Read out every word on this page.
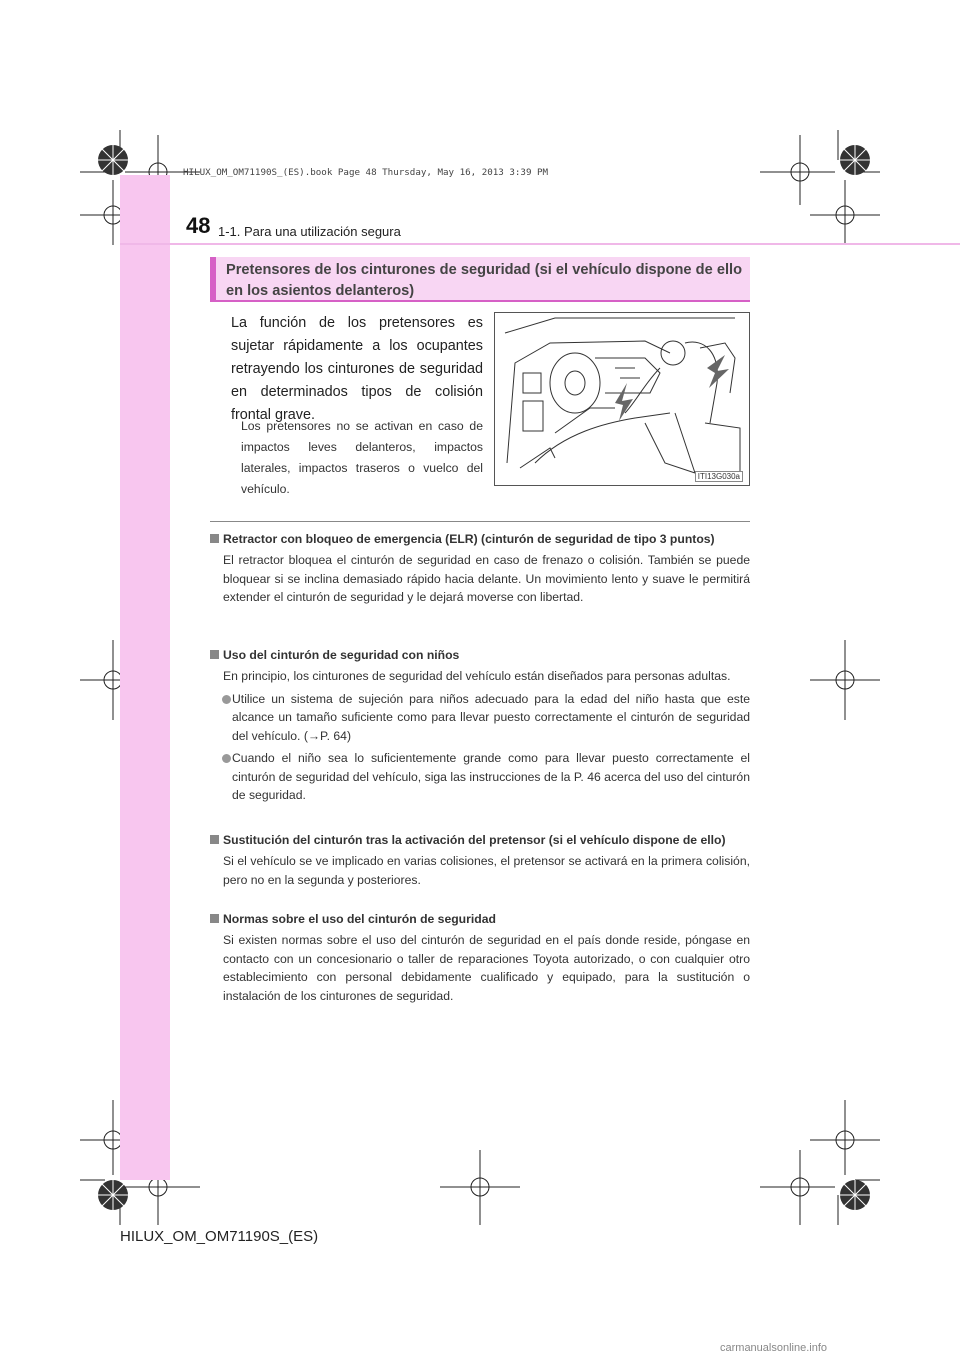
HILUX_OM_OM71190S_(ES).book Page 48 Thursday, May 16, 2013 3:39 PM
48 1-1. Para una utilización segura
Pretensores de los cinturones de seguridad (si el vehículo dispone de ello en los asientos delanteros)
La función de los pretensores es sujetar rápidamente a los ocupantes retrayendo los cinturones de seguridad en determinados tipos de colisión frontal grave.
Los pretensores no se activan en caso de impactos leves delanteros, impactos laterales, impactos traseros o vuelco del vehículo.
ITI13G030a
Retractor con bloqueo de emergencia (ELR) (cinturón de seguridad de tipo 3 puntos)
El retractor bloquea el cinturón de seguridad en caso de frenazo o colisión. También se puede bloquear si se inclina demasiado rápido hacia delante. Un movimiento lento y suave le permitirá extender el cinturón de seguridad y le dejará moverse con libertad.
Uso del cinturón de seguridad con niños
En principio, los cinturones de seguridad del vehículo están diseñados para personas adultas.
Utilice un sistema de sujeción para niños adecuado para la edad del niño hasta que este alcance un tamaño suficiente como para llevar puesto correctamente el cinturón de seguridad del vehículo. (→P. 64)
Cuando el niño sea lo suficientemente grande como para llevar puesto correctamente el cinturón de seguridad del vehículo, siga las instrucciones de la P. 46 acerca del uso del cinturón de seguridad.
Sustitución del cinturón tras la activación del pretensor (si el vehículo dispone de ello)
Si el vehículo se ve implicado en varias colisiones, el pretensor se activará en la primera colisión, pero no en la segunda y posteriores.
Normas sobre el uso del cinturón de seguridad
Si existen normas sobre el uso del cinturón de seguridad en el país donde reside, póngase en contacto con un concesionario o taller de reparaciones Toyota autorizado, o con cualquier otro establecimiento con personal debidamente cualificado y equipado, para la sustitución o instalación de los cinturones de seguridad.
HILUX_OM_OM71190S_(ES)
carmanualsonline.info
